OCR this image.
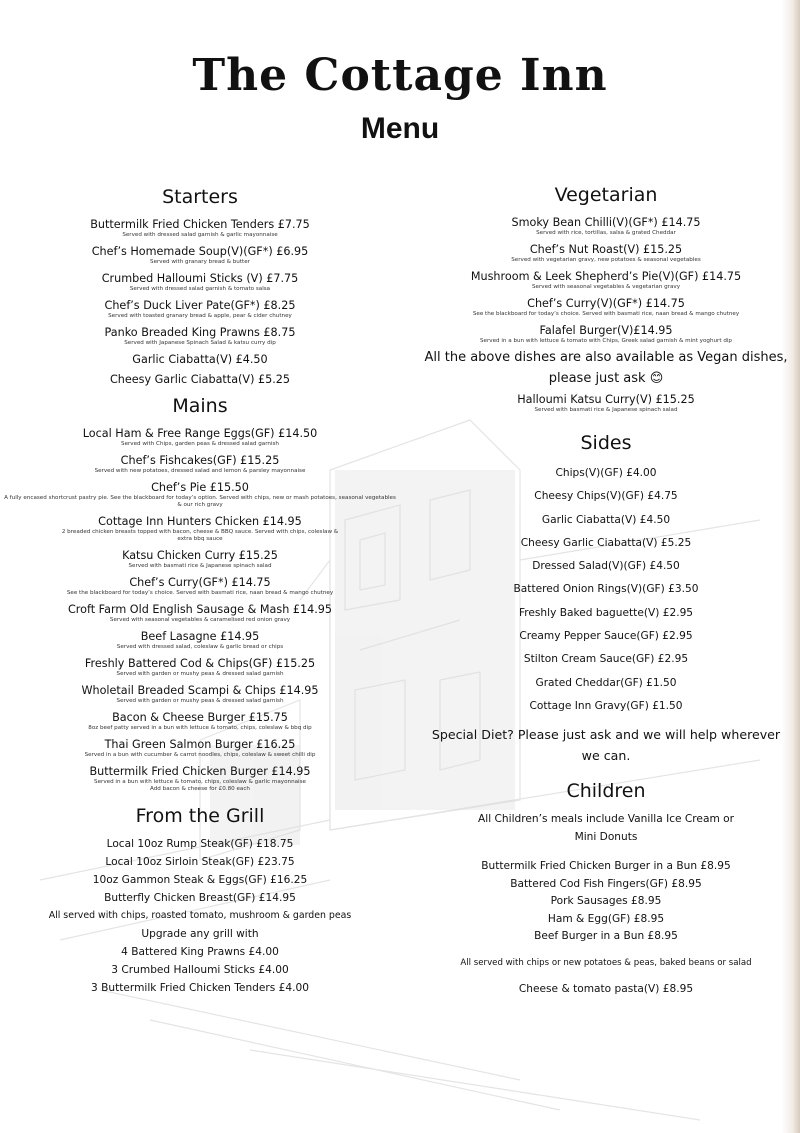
The Cottage Inn
Menu
Starters
Buttermilk Fried Chicken Tenders £7.75
Served with dressed salad garnish & garlic mayonnaise
Chef’s Homemade Soup(V)(GF*) £6.95
Served with granary bread & butter
Crumbed Halloumi Sticks (V) £7.75
Served with dressed salad garnish & tomato salsa
Chef’s Duck Liver Pate(GF*) £8.25
Served with toasted granary bread & apple, pear & cider chutney
Panko Breaded King Prawns £8.75
Served with Japanese Spinach Salad & katsu curry dip
Garlic Ciabatta(V) £4.50
Cheesy Garlic Ciabatta(V) £5.25
Mains
Local Ham & Free Range Eggs(GF) £14.50
Served with Chips, garden peas & dressed salad garnish
Chef’s Fishcakes(GF) £15.25
Served with new potatoes, dressed salad and lemon & parsley mayonnaise
Chef’s Pie £15.50
A fully encased shortcrust pastry pie. See the blackboard for today’s option. Served with chips, new or mash potatoes, seasonal vegetables & our rich gravy
Cottage Inn Hunters Chicken £14.95
2 breaded chicken breasts topped with bacon, cheese & BBQ sauce. Served with chips, coleslaw & extra bbq sauce
Katsu Chicken Curry £15.25
Served with basmati rice & Japanese spinach salad
Chef’s Curry(GF*) £14.75
See the blackboard for today’s choice. Served with basmati rice, naan bread & mango chutney
Croft Farm Old English Sausage & Mash £14.95
Served with seasonal vegetables & caramelised red onion gravy
Beef Lasagne £14.95
Served with dressed salad, coleslaw & garlic bread or chips
Freshly Battered Cod & Chips(GF) £15.25
Served with garden or mushy peas & dressed salad garnish
Wholetail Breaded Scampi & Chips £14.95
Served with garden or mushy peas & dressed salad garnish
Bacon & Cheese Burger £15.75
8oz beef patty served in a bun with lettuce & tomato, chips, coleslaw & bbq dip
Thai Green Salmon Burger £16.25
Served in a bun with cucumber & carrot noodles, chips, coleslaw & sweet chilli dip
Buttermilk Fried Chicken Burger £14.95
Served in a bun with lettuce & tomato, chips, coleslaw & garlic mayonnaise
Add bacon & cheese for £0.80 each
From the Grill
Local 10oz Rump Steak(GF) £18.75
Local 10oz Sirloin Steak(GF) £23.75
10oz Gammon Steak & Eggs(GF) £16.25
Butterfly Chicken Breast(GF) £14.95
All served with chips, roasted tomato, mushroom & garden peas
Upgrade any grill with
4 Battered King Prawns £4.00
3 Crumbed Halloumi Sticks £4.00
3 Buttermilk Fried Chicken Tenders £4.00
Vegetarian
Smoky Bean Chilli(V)(GF*) £14.75
Served with rice, tortillas, salsa & grated Cheddar
Chef’s Nut Roast(V) £15.25
Served with vegetarian gravy, new potatoes & seasonal vegetables
Mushroom & Leek Shepherd’s Pie(V)(GF) £14.75
Served with seasonal vegetables & vegetarian gravy
Chef’s Curry(V)(GF*) £14.75
See the blackboard for today’s choice. Served with basmati rice, naan bread & mango chutney
Falafel Burger(V)£14.95
Served in a bun with lettuce & tomato with Chips, Greek salad garnish & mint yoghurt dip
All the above dishes are also available as Vegan dishes,
please just ask 😊
Halloumi Katsu Curry(V) £15.25
Served with basmati rice & Japanese spinach salad
Sides
Chips(V)(GF) £4.00
Cheesy Chips(V)(GF) £4.75
Garlic Ciabatta(V) £4.50
Cheesy Garlic Ciabatta(V) £5.25
Dressed Salad(V)(GF) £4.50
Battered Onion Rings(V)(GF) £3.50
Freshly Baked baguette(V) £2.95
Creamy Pepper Sauce(GF) £2.95
Stilton Cream Sauce(GF) £2.95
Grated Cheddar(GF) £1.50
Cottage Inn Gravy(GF) £1.50
Special Diet? Please just ask and we will help wherever
we can.
Children
All Children’s meals include Vanilla Ice Cream or
Mini Donuts
Buttermilk Fried Chicken Burger in a Bun £8.95
Battered Cod Fish Fingers(GF) £8.95
Pork Sausages £8.95
Ham & Egg(GF) £8.95
Beef Burger in a Bun £8.95
All served with chips or new potatoes & peas, baked beans or salad
Cheese & tomato pasta(V) £8.95
